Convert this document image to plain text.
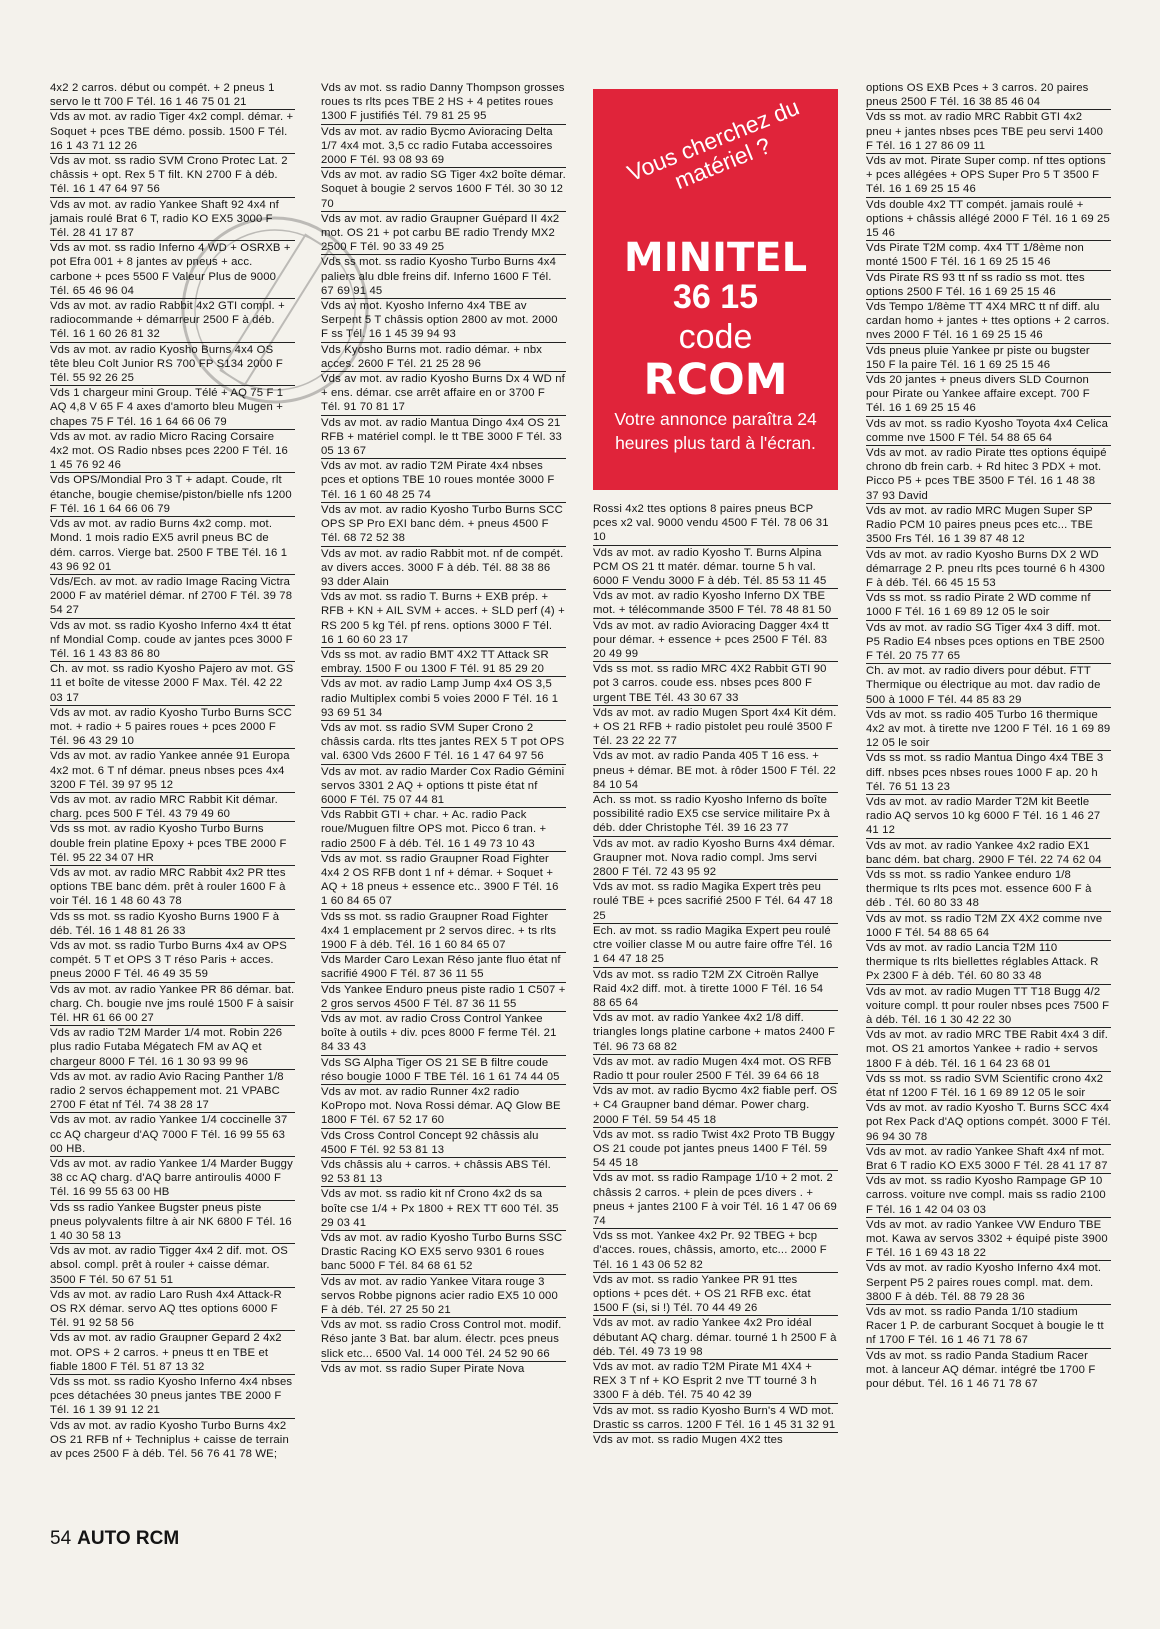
4x2 2 carros. début ou compét. + 2 pneus 1 servo le tt 700 F Tél. 16 1 46 75 01 21

Vds av mot. av radio Tiger 4x2 compl. démar. + Soquet + pces TBE démo. possib. 1500 F Tél. 16 1 43 71 12 26

Vds av mot. ss radio SVM Crono Protec Lat. 2 châssis + opt. Rex 5 T filt. KN 2700 F à déb. Tél. 16 1 47 64 97 56

Vds av mot. av radio Yankee Shaft 92 4x4 nf jamais roulé Brat 6 T, radio KO EX5 3000 F Tél. 28 41 17 87

Vds av mot. ss radio Inferno 4 WD + OSRXB + pot Efra 001 + 8 jantes av pneus + acc. carbone + pces 5500 F Valeur Plus de 9000 Tél. 65 46 96 04

Vds av mot. av radio Rabbit 4x2 GTI compl. + radiocommande + démarreur 2500 F à déb. Tél. 16 1 60 26 81 32

Vds av mot. av radio Kyosho Burns 4x4 OS tête bleu Colt Junior RS 700 FP S134 2000 F Tél. 55 92 26 25

Vds 1 chargeur mini Group. Télé + AQ 75 F 1 AQ 4,8 V 65 F 4 axes d'amorto bleu Mugen + chapes 75 F Tél. 16 1 64 66 06 79

Vds av mot. av radio Micro Racing Corsaire 4x2 mot. OS Radio nbses pces 2200 F Tél. 16 1 45 76 92 46

Vds OPS/Mondial Pro 3 T + adapt. Coude, rlt étanche, bougie chemise/piston/bielle nfs 1200 F Tél. 16 1 64 66 06 79

Vds av mot. av radio Burns 4x2 comp. mot. Mond. 1 mois radio EX5 avril pneus BC de dém. carros. Vierge bat. 2500 F TBE Tél. 16 1 43 96 92 01

Vds/Ech. av mot. av radio Image Racing Victra 2000 F av matériel démar. nf 2700 F Tél. 39 78 54 27

Vds av mot. ss radio Kyosho Inferno 4x4 tt état nf Mondial Comp. coude av jantes pces 3000 F Tél. 16 1 43 83 86 80

Ch. av mot. ss radio Kyosho Pajero av mot. GS 11 et boîte de vitesse 2000 F Max. Tél. 42 22 03 17

Vds av mot. av radio Kyosho Turbo Burns SCC mot. + radio + 5 paires roues + pces 2000 F Tél. 96 43 29 10

Vds av mot. av radio Yankee année 91 Europa 4x2 mot. 6 T nf démar. pneus nbses pces 4x4 3200 F Tél. 39 97 95 12

Vds av mot. av radio MRC Rabbit Kit démar. charg. pces 500 F Tél. 43 79 49 60

Vds ss mot. av radio Kyosho Turbo Burns double frein platine Epoxy + pces TBE 2000 F Tél. 95 22 34 07 HR

Vds av mot. av radio MRC Rabbit 4x2 PR ttes options TBE banc dém. prêt à rouler 1600 F à voir Tél. 16 1 48 60 43 78

Vds ss mot. ss radio Kyosho Burns 1900 F à déb. Tél. 16 1 48 81 26 33

Vds av mot. ss radio Turbo Burns 4x4 av OPS compét. 5 T et OPS 3 T réso Paris + acces. pneus 2000 F Tél. 46 49 35 59

Vds av mot. av radio Yankee PR 86 démar. bat. charg. Ch. bougie nve jms roulé 1500 F à saisir Tél. HR 61 66 00 27

Vds av radio T2M Marder 1/4 mot. Robin 226 plus radio Futaba Mégatech FM av AQ et chargeur 8000 F Tél. 16 1 30 93 99 96

Vds av mot. av radio Avio Racing Panther 1/8 radio 2 servos échappement mot. 21 VPABC 2700 F état nf Tél. 74 38 28 17

Vds av mot. av radio Yankee 1/4 coccinelle 37 cc AQ chargeur d'AQ 7000 F Tél. 16 99 55 63 00 HB.

Vds av mot. av radio Yankee 1/4 Marder Buggy 38 cc AQ charg. d'AQ barre antiroulis 4000 F Tél. 16 99 55 63 00 HB

Vds ss radio Yankee Bugster pneus piste pneus polyvalents filtre à air NK 6800 F Tél. 16 1 40 30 58 13

Vds av mot. av radio Tigger 4x4 2 dif. mot. OS absol. compl. prêt à rouler + caisse démar. 3500 F Tél. 50 67 51 51

Vds av mot. av radio Laro Rush 4x4 Attack-R OS RX démar. servo AQ ttes options 6000 F Tél. 91 92 58 56

Vds av mot. av radio Graupner Gepard 2 4x2 mot. OPS + 2 carros. + pneus tt en TBE et fiable 1800 F Tél. 51 87 13 32

Vds ss mot. ss radio Kyosho Inferno 4x4 nbses pces détachées 30 pneus jantes TBE 2000 F Tél. 16 1 39 91 12 21

Vds av mot. av radio Kyosho Turbo Burns 4x2 OS 21 RFB nf + Techniplus + caisse de terrain av pces 2500 F à déb. Tél. 56 76 41 78 WE;

Vds av mot. ss radio Danny Thompson grosses roues ts rlts pces TBE 2 HS + 4 petites roues 1300 F justifiés Tél. 79 81 25 95

Vds av mot. av radio Bycmo Avioracing Delta 1/7 4x4 mot. 3,5 cc radio Futaba accessoires 2000 F Tél. 93 08 93 69

Vds av mot. av radio SG Tiger 4x2 boîte démar. Soquet à bougie 2 servos 1600 F Tél. 30 30 12 70

Vds av mot. av radio Graupner Guépard II 4x2 mot. OS 21 + pot carbu BE radio Trendy MX2 2500 F Tél. 90 33 49 25

Vds ss mot. ss radio Kyosho Turbo Burns 4x4 paliers alu dble freins dif. Inferno 1600 F Tél. 67 69 91 45

Vds av mot. Kyosho Inferno 4x4 TBE av Serpent 5 T châssis option 2800 av mot. 2000 F ss Tél. 16 1 45 39 94 93

Vds Kyosho Burns mot. radio démar. + nbx acces. 2600 F Tél. 21 25 28 96

Vds av mot. av radio Kyosho Burns Dx 4 WD nf + ens. démar. cse arrêt affaire en or 3700 F Tél. 91 70 81 17

Vds av mot. av radio Mantua Dingo 4x4 OS 21 RFB + matériel compl. le tt TBE 3000 F Tél. 33 05 13 67

Vds av mot. av radio T2M Pirate 4x4 nbses pces et options TBE 10 roues montée 3000 F Tél. 16 1 60 48 25 74

Vds av mot. av radio Kyosho Turbo Burns SCC OPS SP Pro EXI banc dém. + pneus 4500 F Tél. 68 72 52 38

Vds av mot. av radio Rabbit mot. nf de compét. av divers acces. 3000 F à déb. Tél. 88 38 86 93 dder Alain

Vds av mot. ss radio T. Burns + EXB prép. + RFB + KN + AIL SVM + acces. + SLD perf (4) + RS 200 5 kg Tél. pf rens. options 3000 F Tél. 16 1 60 60 23 17

Vds ss mot. av radio BMT 4X2 TT Attack SR embray. 1500 F ou 1300 F Tél. 91 85 29 20

Vds av mot. av radio Lamp Jump 4x4 OS 3,5 radio Multiplex combi 5 voies 2000 F Tél. 16 1 93 69 51 34

Vds av mot. ss radio SVM Super Crono 2 châssis carda. rlts ttes jantes REX 5 T pot OPS val. 6300 Vds 2600 F Tél. 16 1 47 64 97 56

Vds av mot. av radio Marder Cox Radio Gémini servos 3301 2 AQ + options tt piste état nf 6000 F Tél. 75 07 44 81

Vds Rabbit GTI + char. + Ac. radio Pack roue/Muguen filtre OPS mot. Picco 6 tran. + radio 2500 F à déb. Tél. 16 1 49 73 10 43

Vds av mot. ss radio Graupner Road Fighter 4x4 2 OS RFB dont 1 nf + démar. + Soquet + AQ + 18 pneus + essence etc.. 3900 F Tél. 16 1 60 84 65 07

Vds ss mot. ss radio Graupner Road Fighter 4x4 1 emplacement pr 2 servos direc. + ts rlts 1900 F à déb. Tél. 16 1 60 84 65 07

Vds Marder Caro Lexan Réso jante fluo état nf sacrifié 4900 F Tél. 87 36 11 55

Vds Yankee Enduro pneus piste radio 1 C507 + 2 gros servos 4500 F Tél. 87 36 11 55

Vds av mot. av radio Cross Control Yankee boîte à outils + div. pces 8000 F ferme Tél. 21 84 33 43

Vds SG Alpha Tiger OS 21 SE B filtre coude réso bougie 1000 F TBE Tél. 16 1 61 74 44 05

Vds av mot. av radio Runner 4x2 radio KoPropo mot. Nova Rossi démar. AQ Glow BE 1800 F Tél. 67 52 17 60

Vds Cross Control Concept 92 châssis alu 4500 F Tél. 92 53 81 13

Vds châssis alu + carros. + châssis ABS Tél. 92 53 81 13

Vds av mot. ss radio kit nf Crono 4x2 ds sa boîte cse 1/4 + Px 1800 + REX TT 600 Tél. 35 29 03 41

Vds av mot. av radio Kyosho Turbo Burns SSC Drastic Racing KO EX5 servo 9301 6 roues banc 5000 F Tél. 84 68 61 52

Vds av mot. av radio Yankee Vitara rouge 3 servos Robbe pignons acier radio EX5 10 000 F à déb. Tél. 27 25 50 21

Vds av mot. ss radio Cross Control mot. modif. Réso jante 3 Bat. bar alum. électr. pces pneus slick etc... 6500 Val. 14 000 Tél. 24 52 90 66

Vds av mot. ss radio Super Pirate Nova

Vous cherchez du matériel ?
MINITEL
36 15
code
RCOM
Votre annonce paraîtra 24 heures plus tard à l'écran.

Rossi 4x2 ttes options 8 paires pneus BCP pces x2 val. 9000 vendu 4500 F Tél. 78 06 31 10

Vds av mot. av radio Kyosho T. Burns Alpina PCM OS 21 tt matér. démar. tourne 5 h val. 6000 F Vendu 3000 F à déb. Tél. 85 53 11 45

Vds av mot. av radio Kyosho Inferno DX TBE mot. + télécommande 3500 F Tél. 78 48 81 50

Vds av mot. av radio Avioracing Dagger 4x4 tt pour démar. + essence + pces 2500 F Tél. 83 20 49 99

Vds ss mot. ss radio MRC 4X2 Rabbit GTI 90 pot 3 carros. coude ess. nbses pces 800 F urgent TBE Tél. 43 30 67 33

Vds av mot. av radio Mugen Sport 4x4 Kit dém. + OS 21 RFB + radio pistolet peu roulé 3500 F Tél. 23 22 22 77

Vds av mot. av radio Panda 405 T 16 ess. + pneus + démar. BE mot. à rôder 1500 F Tél. 22 84 10 54

Ach. ss mot. ss radio Kyosho Inferno ds boîte possibilité radio EX5 cse service militaire Px à déb. dder Christophe Tél. 39 16 23 77

Vds av mot. av radio Kyosho Burns 4x4 démar. Graupner mot. Nova radio compl. Jms servi 2800 F Tél. 72 43 95 92

Vds av mot. ss radio Magika Expert très peu roulé TBE + pces sacrifié 2500 F Tél. 64 47 18 25

Ech. av mot. ss radio Magika Expert peu roulé ctre voilier classe M ou autre faire offre Tél. 16 1 64 47 18 25

Vds av mot. ss radio T2M ZX Citroën Rallye Raid 4x2 diff. mot. à tirette 1000 F Tél. 16 54 88 65 64

Vds av mot. av radio Yankee 4x2 1/8 diff. triangles longs platine carbone + matos 2400 F Tél. 96 73 68 82

Vds av mot. av radio Mugen 4x4 mot. OS RFB Radio tt pour rouler 2500 F Tél. 39 64 66 18

Vds av mot. av radio Bycmo 4x2 fiable perf. OS + C4 Graupner band démar. Power charg. 2000 F Tél. 59 54 45 18

Vds av mot. ss radio Twist 4x2 Proto TB Buggy OS 21 coude pot jantes pneus 1400 F Tél. 59 54 45 18

Vds av mot. ss radio Rampage 1/10 + 2 mot. 2 châssis 2 carros. + plein de pces divers . + pneus + jantes 2100 F à voir Tél. 16 1 47 06 69 74

Vds ss mot. Yankee 4x2 Pr. 92 TBEG + bcp d'acces. roues, châssis, amorto, etc... 2000 F Tél. 16 1 43 06 52 82

Vds av mot. ss radio Yankee PR 91 ttes options + pces dét. + OS 21 RFB exc. état 1500 F (si, si !) Tél. 70 44 49 26

Vds av mot. av radio Yankee 4x2 Pro idéal débutant AQ charg. démar. tourné 1 h 2500 F à déb. Tél. 49 73 19 98

Vds av mot. av radio T2M Pirate M1 4X4 + REX 3 T nf + KO Esprit 2 nve TT tourné 3 h 3300 F à déb. Tél. 75 40 42 39

Vds av mot. ss radio Kyosho Burn's 4 WD mot. Drastic ss carros. 1200 F Tél. 16 1 45 31 32 91

Vds av mot. ss radio Mugen 4X2 ttes

options OS EXB Pces + 3 carros. 20 paires pneus 2500 F Tél. 16 38 85 46 04

Vds ss mot. av radio MRC Rabbit GTI 4x2 pneu + jantes nbses pces TBE peu servi 1400 F Tél. 16 1 27 86 09 11

Vds av mot. Pirate Super comp. nf ttes options + pces allégées + OPS Super Pro 5 T 3500 F Tél. 16 1 69 25 15 46

Vds double 4x2 TT compét. jamais roulé + options + châssis allégé 2000 F Tél. 16 1 69 25 15 46

Vds Pirate T2M comp. 4x4 TT 1/8ème non monté 1500 F Tél. 16 1 69 25 15 46

Vds Pirate RS 93 tt nf ss radio ss mot. ttes options 2500 F Tél. 16 1 69 25 15 46

Vds Tempo 1/8ème TT 4X4 MRC tt nf diff. alu cardan homo + jantes + ttes options + 2 carros. nves 2000 F Tél. 16 1 69 25 15 46

Vds pneus pluie Yankee pr piste ou bugster 150 F la paire Tél. 16 1 69 25 15 46

Vds 20 jantes + pneus divers SLD Cournon pour Pirate ou Yankee affaire except. 700 F Tél. 16 1 69 25 15 46

Vds av mot. ss radio Kyosho Toyota 4x4 Celica comme nve 1500 F Tél. 54 88 65 64

Vds av mot. av radio Pirate ttes options équipé chrono db frein carb. + Rd hitec 3 PDX + mot. Picco P5 + pces TBE 3500 F Tél. 16 1 48 38 37 93 David

Vds av mot. av radio MRC Mugen Super SP Radio PCM 10 paires pneus pces etc... TBE 3500 Frs Tél. 16 1 39 87 48 12

Vds av mot. av radio Kyosho Burns DX 2 WD démarrage 2 P. pneu rlts pces tourné 6 h 4300 F à déb. Tél. 66 45 15 53

Vds ss mot. ss radio Pirate 2 WD comme nf 1000 F Tél. 16 1 69 89 12 05 le soir

Vds av mot. av radio SG Tiger 4x4 3 diff. mot. P5 Radio E4 nbses pces options en TBE 2500 F Tél. 20 75 77 65

Ch. av mot. av radio divers pour début. FTT Thermique ou électrique au mot. dav radio de 500 à 1000 F Tél. 44 85 83 29

Vds av mot. ss radio 405 Turbo 16 thermique 4x2 av mot. à tirette nve 1200 F Tél. 16 1 69 89 12 05 le soir

Vds ss mot. ss radio Mantua Dingo 4x4 TBE 3 diff. nbses pces nbses roues 1000 F ap. 20 h Tél. 76 51 13 23

Vds av mot. av radio Marder T2M kit Beetle radio AQ servos 10 kg 6000 F Tél. 16 1 46 27 41 12

Vds av mot. av radio Yankee 4x2 radio EX1 banc dém. bat charg. 2900 F Tél. 22 74 62 04

Vds ss mot. ss radio Yankee enduro 1/8 thermique ts rlts pces mot. essence 600 F à déb . Tél. 60 80 33 48

Vds av mot. ss radio T2M ZX 4X2 comme nve 1000 F Tél. 54 88 65 64

Vds av mot. av radio Lancia T2M 110 thermique ts rlts biellettes réglables Attack. R Px 2300 F à déb. Tél. 60 80 33 48

Vds av mot. av radio Mugen TT T18 Bugg 4/2 voiture compl. tt pour rouler nbses pces 7500 F à déb. Tél. 16 1 30 42 22 30

Vds av mot. av radio MRC TBE Rabit 4x4 3 dif. mot. OS 21 amortos Yankee + radio + servos 1800 F à déb. Tél. 16 1 64 23 68 01

Vds ss mot. ss radio SVM Scientific crono 4x2 état nf 1200 F Tél. 16 1 69 89 12 05 le soir

Vds av mot. av radio Kyosho T. Burns SCC 4x4 pot Rex Pack d'AQ options compét. 3000 F Tél. 96 94 30 78

Vds av mot. av radio Yankee Shaft 4x4 nf mot. Brat 6 T radio KO EX5 3000 F Tél. 28 41 17 87

Vds av mot. ss radio Kyosho Rampage GP 10 carross. voiture nve compl. mais ss radio 2100 F Tél. 16 1 42 04 03 03

Vds av mot. av radio Yankee VW Enduro TBE mot. Kawa av servos 3302 + équipé piste 3900 F Tél. 16 1 69 43 18 22

Vds av mot. av radio Kyosho Inferno 4x4 mot. Serpent P5 2 paires roues compl. mat. dem. 3800 F à déb. Tél. 88 79 28 36

Vds av mot. ss radio Panda 1/10 stadium Racer 1 P. de carburant Socquet à bougie le tt nf 1700 F Tél. 16 1 46 71 78 67

Vds av mot. ss radio Panda Stadium Racer mot. à lanceur AQ démar. intégré tbe 1700 F pour début. Tél. 16 1 46 71 78 67

54 AUTO RCM
